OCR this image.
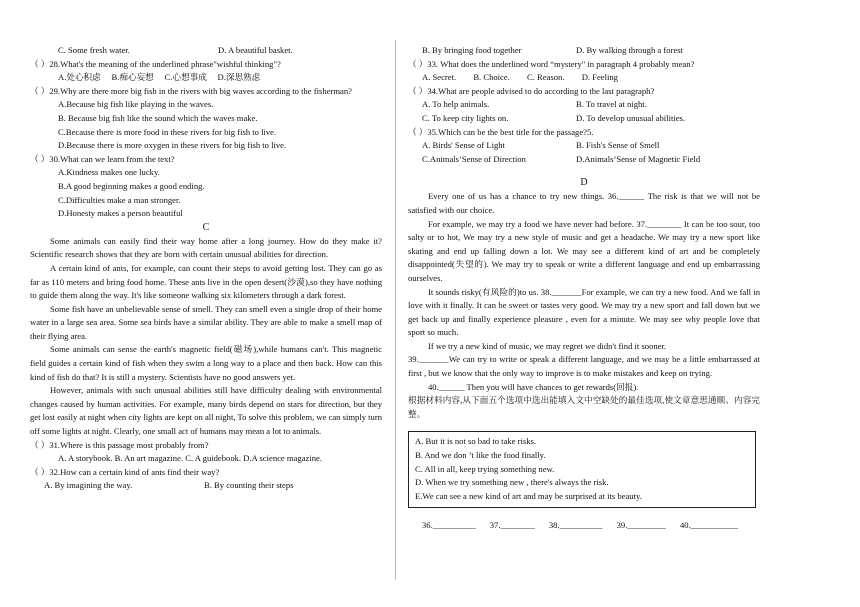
C. Some fresh water.	D. A beautiful basket.
（ ）28.What's the meaning of the underlined phrase"wishful thinking"?
A.处心积虑 B.痴心妄想 C.心想事成 D.深思熟虑
（ ）29.Why are there more big fish in the rivers with big waves according to the fisherman?
A.Because big fish like playing in the waves.
B. Because big fish like the sound which the waves make.
C.Because there is more food in these rivers for big fish to live.
D.Because there is more oxygen in these rivers for big fish to live.
（ ）30.What can we learn from the text?
A.Kindness makes one lucky.
B.A good beginning makes a good ending.
C.Difficulties make a man stronger.
D.Honesty makes a person beautiful
C
Some animals can easily find their way home after a long journey. How do they make it?Scientific research shows that they are born with certain unusual abilities for direction.
A certain kind of ants, for example, can count their steps to avoid getting lost. They can go as far as 110 meters and bring food home. These ants live in the open desert(沙漠),so they have nothing to guide them along the way. It's like someone walking six kilometers through a dark forest.
Some fish have an unbelievable sense of smell. They can smell even a single drop of their home water in a large sea area. Some sea birds have a similar ability. They are able to make a smell map of their flying area.
Some animals can sense the earth's magnetic field(磁场),while humans can't. This magnetic field guides a certain kind of fish when they swim a long way to a place and then back. How can this kind of fish do that? It is still a mystery. Scientists have no good answers yet.
However, animals with such unusual abilities still have difficulty dealing with environmental changes caused by human activities. For example, many birds depend on stars for direction, but they get lost easily at night when city lights are kept on all night, To solve this problem, we can simply turn off some lights at night. Clearly, one small act of humans may mean a lot to animals.
（ ）31.Where is this passage most probably from?
A. A storybook. B. An art magazine. C. A guidebook. D.A science magazine.
（ ）32.How can a certain kind of ants find their way?
A. By imagining the way.	B. By counting their steps
B. By bringing food together	D. By walking through a forest
（ ）33. What does the underlined word “mystery" in paragraph 4 probably mean?
A. Secret. B. Choice. C. Reason. D. Feeling
（ ）34.What are people advised to do according to the last paragraph?
A. To help animals.	B. To travel at night.
C. To keep city lights on.	D. To develop unusual abilities.
（ ）35.Which can be the best title for the passage?5.
A. Birds' Sense of Light	B. Fish's Sense of Smell
C.Animals’Sense of Direction	D.Animals’Sense of Magnetic Field
D
Every one of us has a chance to try new things. 36.______ The risk is that we will not be satisfied with our choice.
For example, we may try a food we have never had before. 37.________ It can be too sour, too salty or to hot, We may try a new style of music and get a headache. We may try a new sport like skating and end up falling down a lot. We may see a different kind of art and be completely disappointed(失望的). We may try to speak or write a different language and end up embarrassing ourselves.
It sounds risky(有风险的)to us. 38._______For example, we can try a new food. And we fall in love with it finally. It can be sweet or tastes very good. We may try a new sport and fall down but we get back up and finally experience pleasure , even for a minute. We may see why people love that sport so much.
If we try a new kind of music, we may regret we didn't find it sooner.
39._______We can try to write or speak a different language, and we may be a little embarrassed at first , but we know that the only way to improve is to make mistakes and keep on trying.
40.______ Then you will have chances to get rewards(回报).
根据材料内容,从下面五个选项中选出能填入文中空缺处的最佳选项,使文章意思通顺、内容完整。
A. But it is not so bad to take risks.
B. And we don ’t like the food finally.
C. All in all, keep trying something new.
D. When we try something new , there's always the risk.
E.We can see a new kind of art and may be surprised at its beauty.
36.__________ 37.________ 38.__________ 39._________ 40.___________
